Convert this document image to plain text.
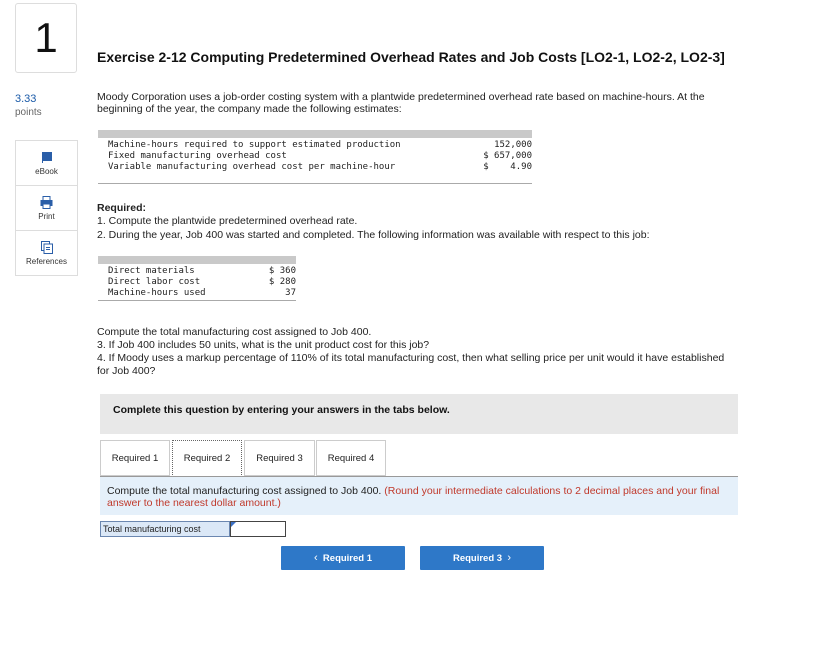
1
3.33
points
eBook
Print
References
Exercise 2-12 Computing Predetermined Overhead Rates and Job Costs [LO2-1, LO2-2, LO2-3]
Moody Corporation uses a job-order costing system with a plantwide predetermined overhead rate based on machine-hours. At the
beginning of the year, the company made the following estimates:
Machine-hours required to support estimated production	152,000
Fixed manufacturing overhead cost	$ 657,000
Variable manufacturing overhead cost per machine-hour	$    4.90
Required:
1. Compute the plantwide predetermined overhead rate.
2. During the year, Job 400 was started and completed. The following information was available with respect to this job:
Direct materials	$ 360
Direct labor cost	$ 280
Machine-hours used	37
Compute the total manufacturing cost assigned to Job 400.
3. If Job 400 includes 50 units, what is the unit product cost for this job?
4. If Moody uses a markup percentage of 110% of its total manufacturing cost, then what selling price per unit would it have established
for Job 400?
Complete this question by entering your answers in the tabs below.
Required 1	Required 2	Required 3	Required 4
Compute the total manufacturing cost assigned to Job 400. (Round your intermediate calculations to 2 decimal places and your final answer to the nearest dollar amount.)
Total manufacturing cost
‹ Required 1	Required 3 ›
